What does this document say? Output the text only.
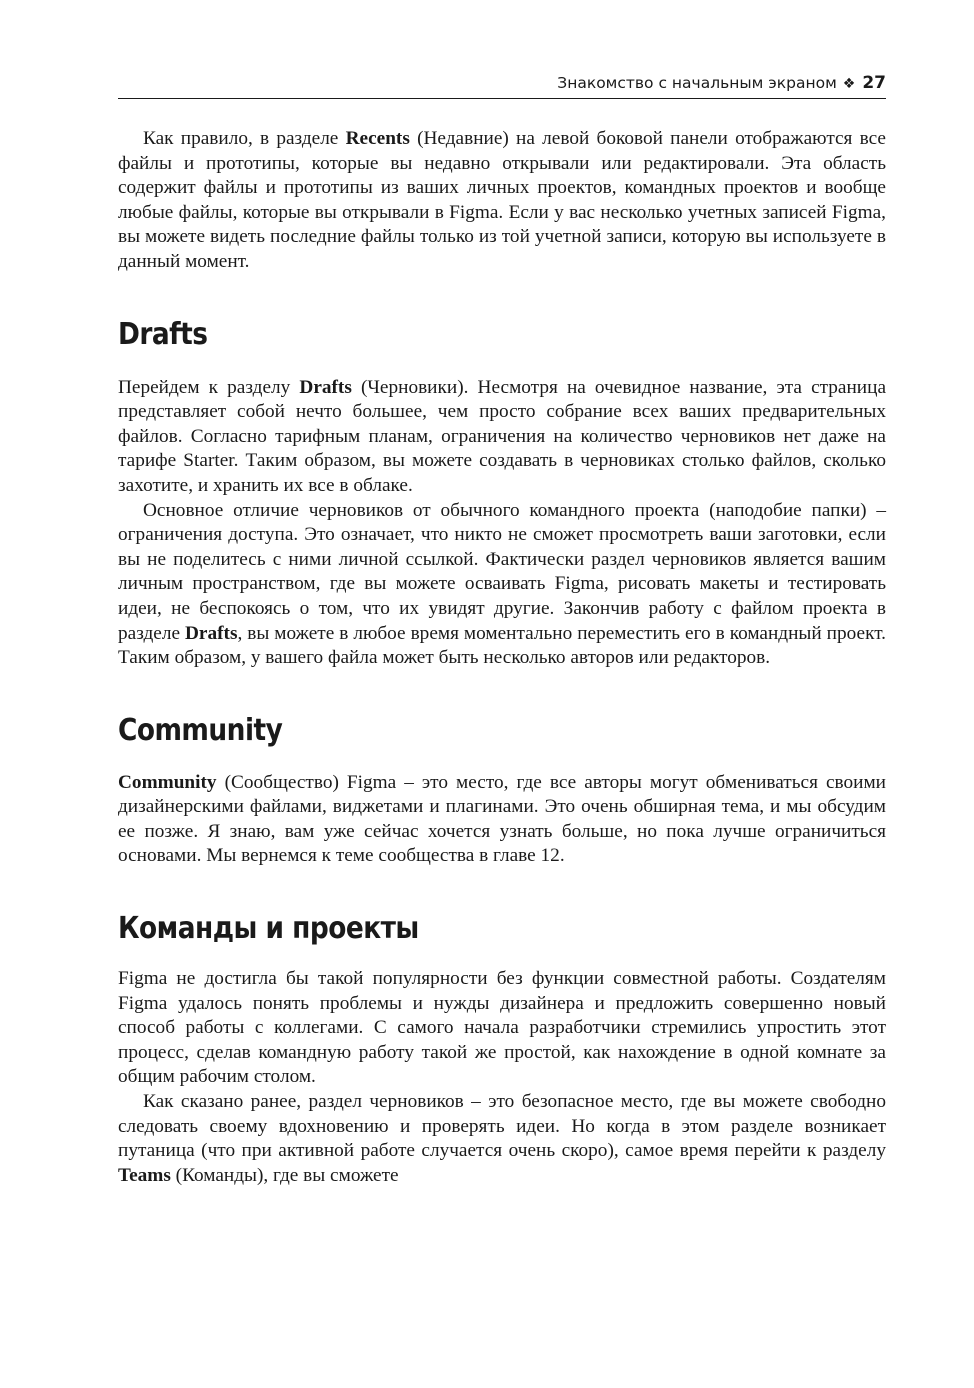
Знакомство с начальным экраном ❖ 27

Как правило, в разделе Recents (Недавние) на левой боковой панели отображаются все файлы и прототипы, которые вы недавно открывали или редактировали. Эта область содержит файлы и прототипы из ваших личных проектов, командных проектов и вообще любые файлы, которые вы открывали в Figma. Если у вас несколько учетных записей Figma, вы можете видеть последние файлы только из той учетной записи, которую вы используете в данный момент.

Drafts

Перейдем к разделу Drafts (Черновики). Несмотря на очевидное название, эта страница представляет собой нечто большее, чем просто собрание всех ваших предварительных файлов. Согласно тарифным планам, ограничения на количество черновиков нет даже на тарифе Starter. Таким образом, вы можете создавать в черновиках столько файлов, сколько захотите, и хранить их все в облаке.

Основное отличие черновиков от обычного командного проекта (наподобие папки) – ограничения доступа. Это означает, что никто не сможет просмотреть ваши заготовки, если вы не поделитесь с ними личной ссылкой. Фактически раздел черновиков является вашим личным пространством, где вы можете осваивать Figma, рисовать макеты и тестировать идеи, не беспокоясь о том, что их увидят другие. Закончив работу с файлом проекта в разделе Drafts, вы можете в любое время моментально переместить его в командный проект. Таким образом, у вашего файла может быть несколько авторов или редакторов.

Community

Community (Сообщество) Figma – это место, где все авторы могут обмениваться своими дизайнерскими файлами, виджетами и плагинами. Это очень обширная тема, и мы обсудим ее позже. Я знаю, вам уже сейчас хочется узнать больше, но пока лучше ограничиться основами. Мы вернемся к теме сообщества в главе 12.

Команды и проекты

Figma не достигла бы такой популярности без функции совместной работы. Создателям Figma удалось понять проблемы и нужды дизайнера и предложить совершенно новый способ работы с коллегами. С самого начала разработчики стремились упростить этот процесс, сделав командную работу такой же простой, как нахождение в одной комнате за общим рабочим столом.

Как сказано ранее, раздел черновиков – это безопасное место, где вы можете свободно следовать своему вдохновению и проверять идеи. Но когда в этом разделе возникает путаница (что при активной работе случается очень скоро), самое время перейти к разделу Teams (Команды), где вы сможете
